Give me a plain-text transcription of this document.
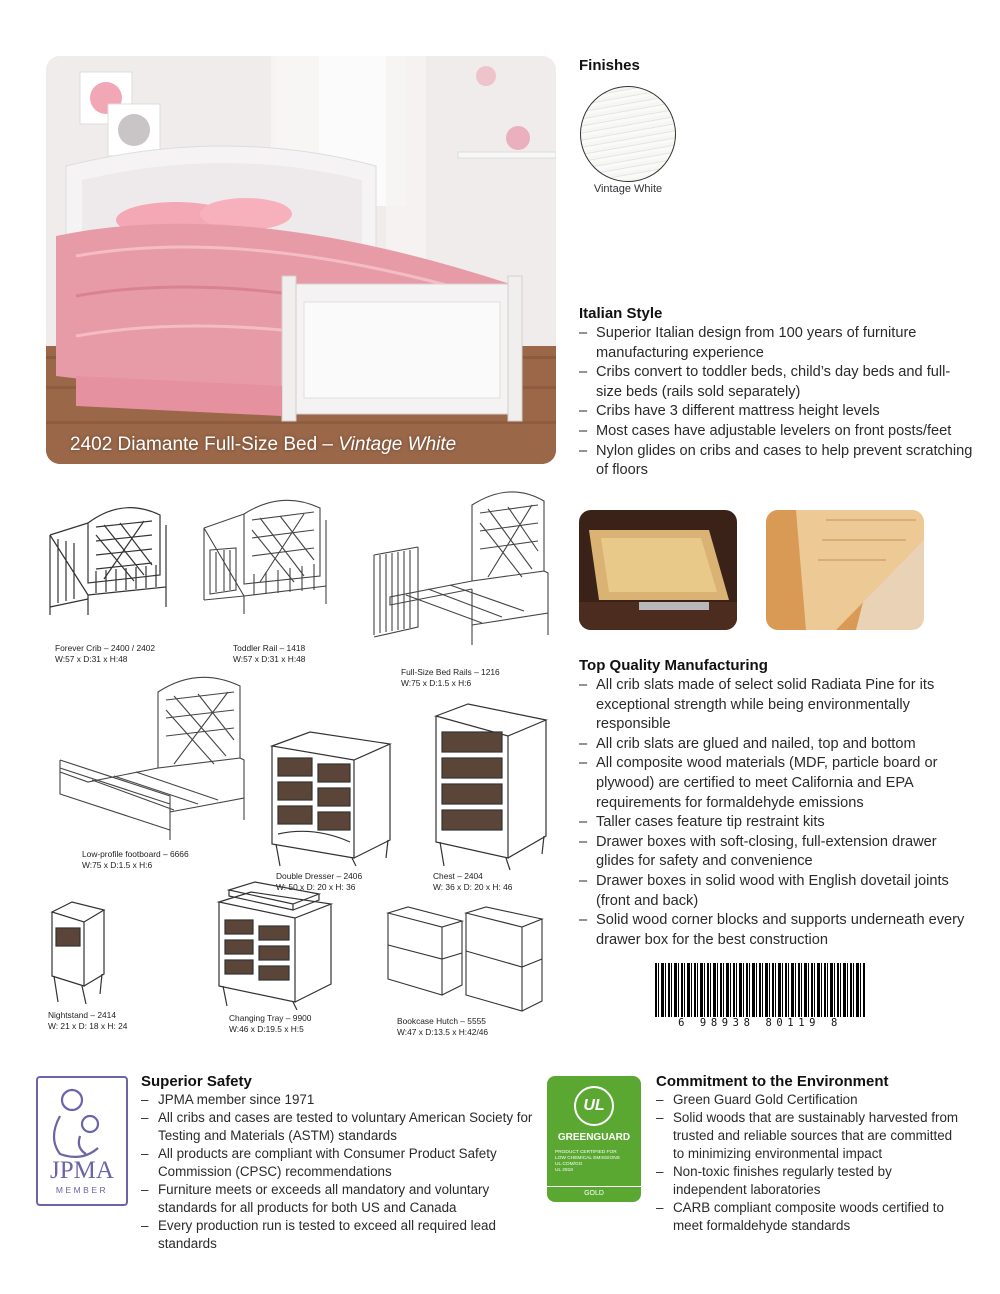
2402 Diamante Full-Size Bed – Vintage White
Finishes
Vintage White
Italian Style
– Superior Italian design from 100 years of furniture manufacturing experience
– Cribs convert to toddler beds, child’s day beds and full-size beds (rails sold separately)
– Cribs have 3 different mattress height levels
– Most cases have adjustable levelers on front posts/feet
– Nylon glides on cribs and cases to help prevent scratching of floors
Top Quality Manufacturing
– All crib slats made of select solid Radiata Pine for its exceptional strength while being environmentally responsible
– All crib slats are glued and nailed, top and bottom
– All composite wood materials (MDF, particle board or plywood) are certified to meet California and EPA requirements for formaldehyde emissions
– Taller cases feature tip restraint kits
– Drawer boxes with soft-closing, full-extension drawer glides for safety and convenience
– Drawer boxes in solid wood with English dovetail joints (front and back)
– Solid wood corner blocks and supports underneath every drawer box for the best construction
6 98938 80119 8
Forever Crib – 2400 / 2402
W:57 x D:31 x H:48
Toddler Rail – 1418
W:57 x D:31 x H:48
Full-Size Bed Rails – 1216
W:75 x D:1.5 x H:6
Low-profile footboard – 6666
W:75 x D:1.5 x H:6
Double Dresser – 2406
W: 50 x D: 20 x H: 36
Chest – 2404
W: 36 x D: 20 x H: 46
Nightstand – 2414
W: 21 x D: 18 x H: 24
Changing Tray – 9900
W:46 x D:19.5 x H:5
Bookcase Hutch – 5555
W:47 x D:13.5 x H:42/46
JPMA
MEMBER
Superior Safety
– JPMA member since 1971
– All cribs and cases are tested to voluntary American Society for Testing and Materials (ASTM) standards
– All products are compliant with Consumer Product Safety Commission (CPSC) recommendations
– Furniture meets or exceeds all mandatory and voluntary standards for all products for both US and Canada
– Every production run is tested to exceed all required lead standards
UL
GREENGUARD
PRODUCT CERTIFIED FOR
LOW CHEMICAL EMISSIONS
UL.COM/GG
UL 2818
GOLD
Commitment to the Environment
– Green Guard Gold Certification
– Solid woods that are sustainably harvested from trusted and reliable sources that are committed to minimizing environmental impact
– Non-toxic finishes regularly tested by independent laboratories
– CARB compliant composite woods certified to meet formaldehyde standards
